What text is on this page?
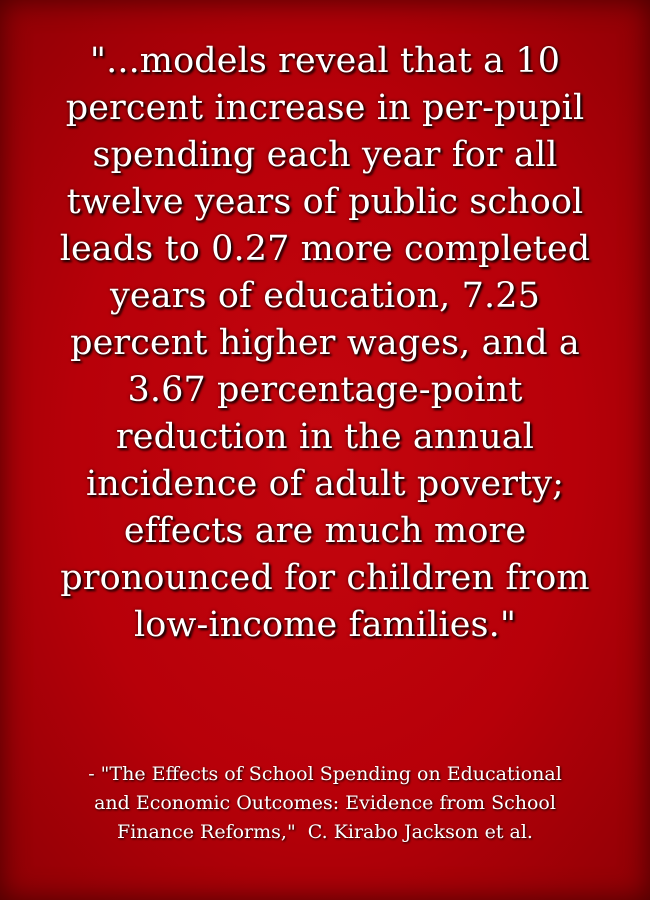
"...models reveal that a 10
percent increase in per-pupil
spending each year for all
twelve years of public school
leads to 0.27 more completed
years of education, 7.25
percent higher wages, and a
3.67 percentage-point
reduction in the annual
incidence of adult poverty;
effects are much more
pronounced for children from
low-income families."

- "The Effects of School Spending on Educational
and Economic Outcomes: Evidence from School
Finance Reforms,"  C. Kirabo Jackson et al.
